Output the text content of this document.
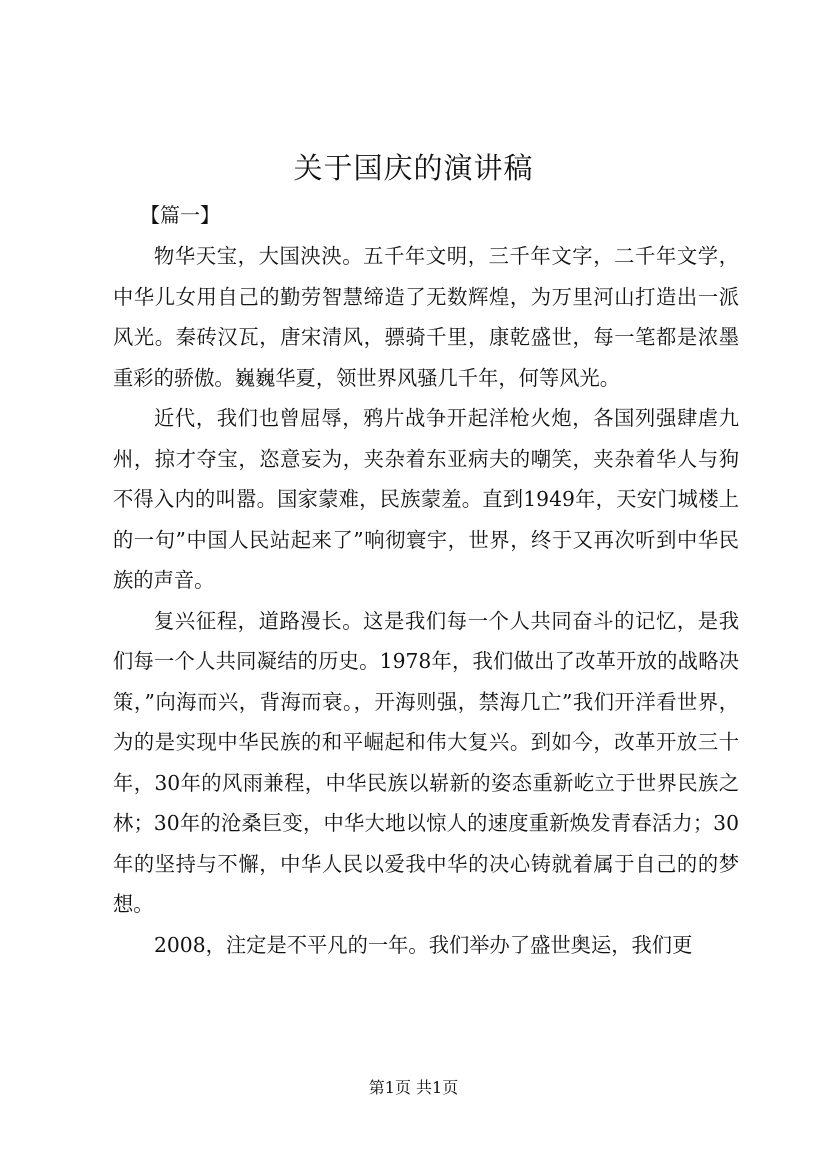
关于国庆的演讲稿
【篇一】

物华天宝，大国泱泱。五千年文明，三千年文字，二千年文学，中华儿女用自己的勤劳智慧缔造了无数辉煌，为万里河山打造出一派风光。秦砖汉瓦，唐宋清风，骠骑千里，康乾盛世，每一笔都是浓墨重彩的骄傲。巍巍华夏，领世界风骚几千年，何等风光。

近代，我们也曾屈辱，鸦片战争开起洋枪火炮，各国列强肆虐九州，掠才夺宝，恣意妄为，夹杂着东亚病夫的嘲笑，夹杂着华人与狗不得入内的叫嚣。国家蒙难，民族蒙羞。直到1949年，天安门城楼上的一句”中国人民站起来了”响彻寰宇，世界，终于又再次听到中华民族的声音。

复兴征程，道路漫长。这是我们每一个人共同奋斗的记忆，是我们每一个人共同凝结的历史。1978年，我们做出了改革开放的战略决策，”向海而兴，背海而衰。，开海则强，禁海几亡”我们开洋看世界，为的是实现中华民族的和平崛起和伟大复兴。到如今，改革开放三十年，30年的风雨兼程，中华民族以崭新的姿态重新屹立于世界民族之林；30年的沧桑巨变，中华大地以惊人的速度重新焕发青春活力；30年的坚持与不懈，中华人民以爱我中华的决心铸就着属于自己的的梦想。

2008，注定是不平凡的一年。我们举办了盛世奥运，我们更

第1页 共1页
